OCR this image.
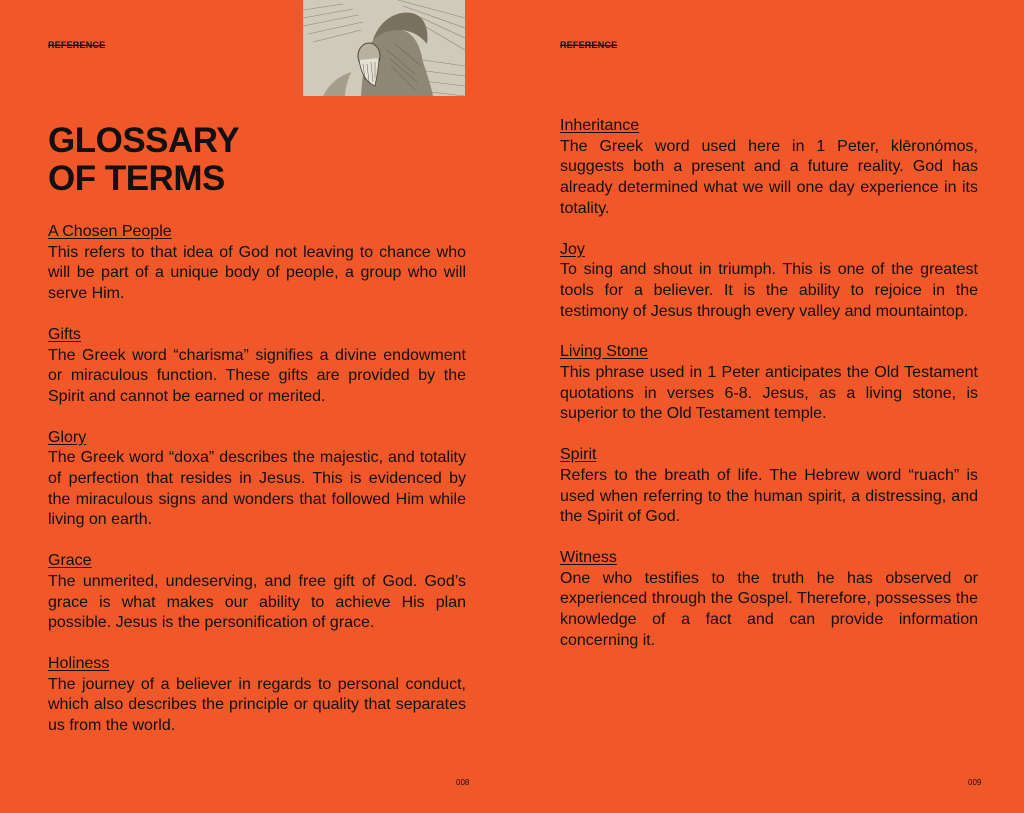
REFERENCE
GLOSSARY
OF TERMS
A Chosen People
This refers to that idea of God not leaving to chance who will be part of a unique body of people, a group who will serve Him.
Gifts
The Greek word “charisma” signifies a divine endowment or miraculous function. These gifts are provided by the Spirit and cannot be earned or merited.
Glory
The Greek word “doxa” describes the majestic, and totality of perfection that resides in Jesus. This is evidenced by the miraculous signs and wonders that followed Him while living on earth.
Grace
The unmerited, undeserving, and free gift of God. God’s grace is what makes our ability to achieve His plan possible. Jesus is the personification of grace.
Holiness
The journey of a believer in regards to personal conduct, which also describes the principle or quality that separates us from the world.
008
REFERENCE
Inheritance
The Greek word used here in 1 Peter, klēronómos, suggests both a present and a future reality. God has already determined what we will one day experience in its totality.
Joy
To sing and shout in triumph. This is one of the greatest tools for a believer. It is the ability to rejoice in the testimony of Jesus through every valley and mountaintop.
Living Stone
This phrase used in 1 Peter anticipates the Old Testament quotations in verses 6-8. Jesus, as a living stone, is superior to the Old Testament temple.
Spirit
Refers to the breath of life. The Hebrew word “ruach” is used when referring to the human spirit, a distressing, and the Spirit of God.
Witness
One who testifies to the truth he has observed or experienced through the Gospel. Therefore, possesses the knowledge of a fact and can provide information concerning it.
009
